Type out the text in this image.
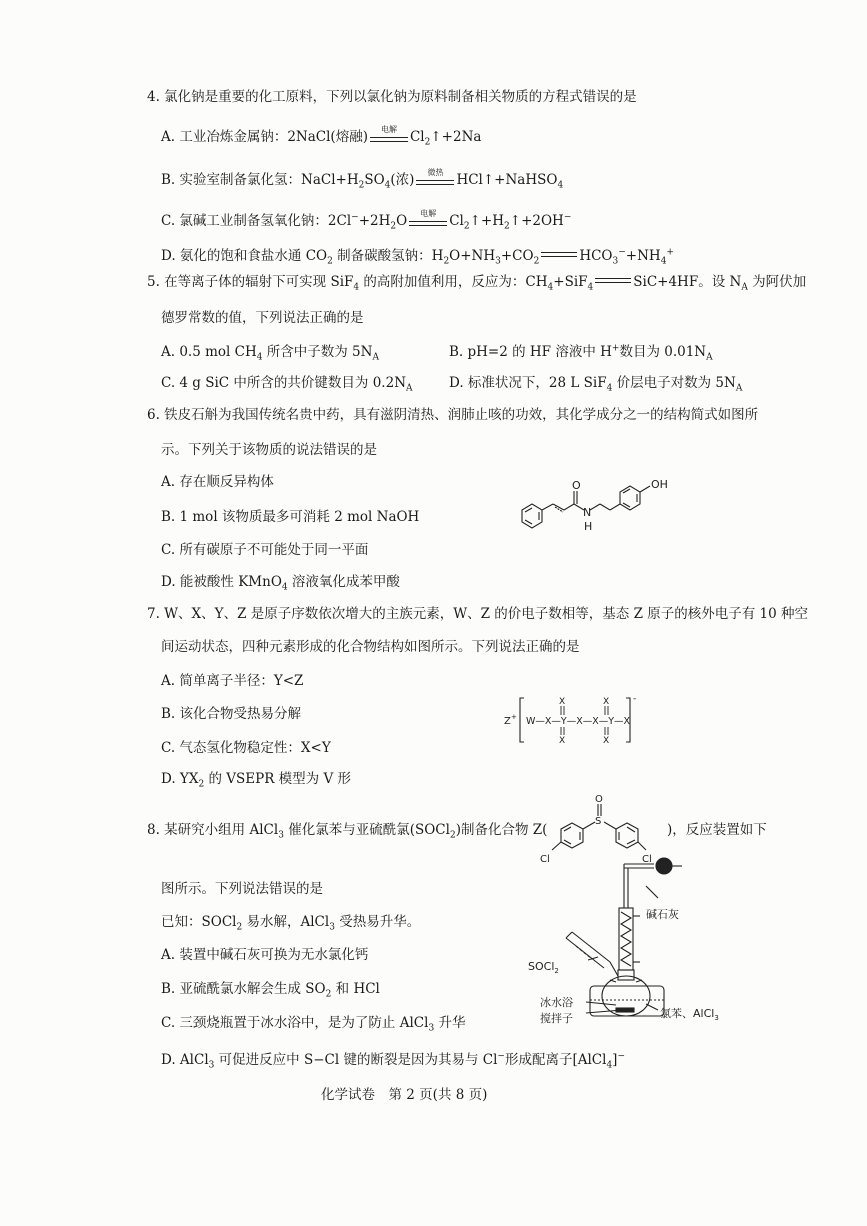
4. 氯化钠是重要的化工原料，下列以氯化钠为原料制备相关物质的方程式错误的是
A. 工业冶炼金属钠：2NaCl(熔融)	电解 $Cl_2↑+2Na$
B. 实验室制备氯化氢：$NaCl+H_2SO_4$(浓)	微热 HCl↑+NaHSO$_4$
C. 氯碱工业制备氢氧化钠：$2Cl^-+2H_2O$	电解 $Cl_2↑+H_2↑+2OH^-$
D. 氨化的饱和食盐水通 $CO_2$ 制备碳酸氢钠：$H_2O+NH_3+CO_2$	$HCO_3^-+NH_4^+$
5. 在等离子体的辐射下可实现 SiF$_4$ 的高附加值利用，反应为：$CH_4+SiF_4$	SiC+4HF。设 $N_A$ 为阿伏加
德罗常数的值，下列说法正确的是
A. 0.5 mol $CH_4$ 所含中子数为 $5N_A$	B. pH=2 的 HF 溶液中 H+数目为 $0.01N_A$
C. 4 g SiC 中所含的共价键数目为 $0.2N_A$	D. 标准状况下，28 L SiF$_4$ 价层电子对数为 $5N_A$
6. 铁皮石斛为我国传统名贵中药，具有滋阴清热、润肺止咳的功效，其化学成分之一的结构简式如图所
示。下列关于该物质的说法错误的是
A. 存在顺反异构体
B. 1 mol 该物质最多可消耗 2 mol NaOH
C. 所有碳原子不可能处于同一平面
D. 能被酸性 KMnO$_4$ 溶液氧化成苯甲酸
O
N
H
OH
7. W、X、Y、Z 是原子序数依次增大的主族元素，W、Z 的价电子数相等，基态 Z 原子的核外电子有 10 种空
间运动状态，四种元素形成的化合物结构如图所示。下列说法正确的是
A. 简单离子半径：Y<Z
B. 该化合物受热易分解
C. 气态氢化物稳定性：X<Y
D. $YX_2$ 的 VSEPR 模型为 V 形
Z +
-
W—X—Y—X—X—Y—X
X
X
X
X
8. 某研究小组用 AlCl$_3$ 催化氯苯与亚硫酰氯(SOCl$_2$)制备化合物 Z(	)，反应装置如下
O
S
Cl	Cl
图所示。下列说法错误的是
已知：SOCl$_2$ 易水解，AlCl$_3$ 受热易升华。
A. 装置中碱石灰可换为无水氯化钙
B. 亚硫酰氯水解会生成 $SO_2$ 和 HCl
C. 三颈烧瓶置于冰水浴中，是为了防止 AlCl$_3$ 升华
D. AlCl$_3$ 可促进反应中 S−Cl 键的断裂是因为其易与 Cl−形成配离子[AlCl$_4$]−
碱石灰
SOCl$_2$
冰水浴
搅拌子	氯苯、AlCl$_3$
化学试卷　第 2 页(共 8 页)
